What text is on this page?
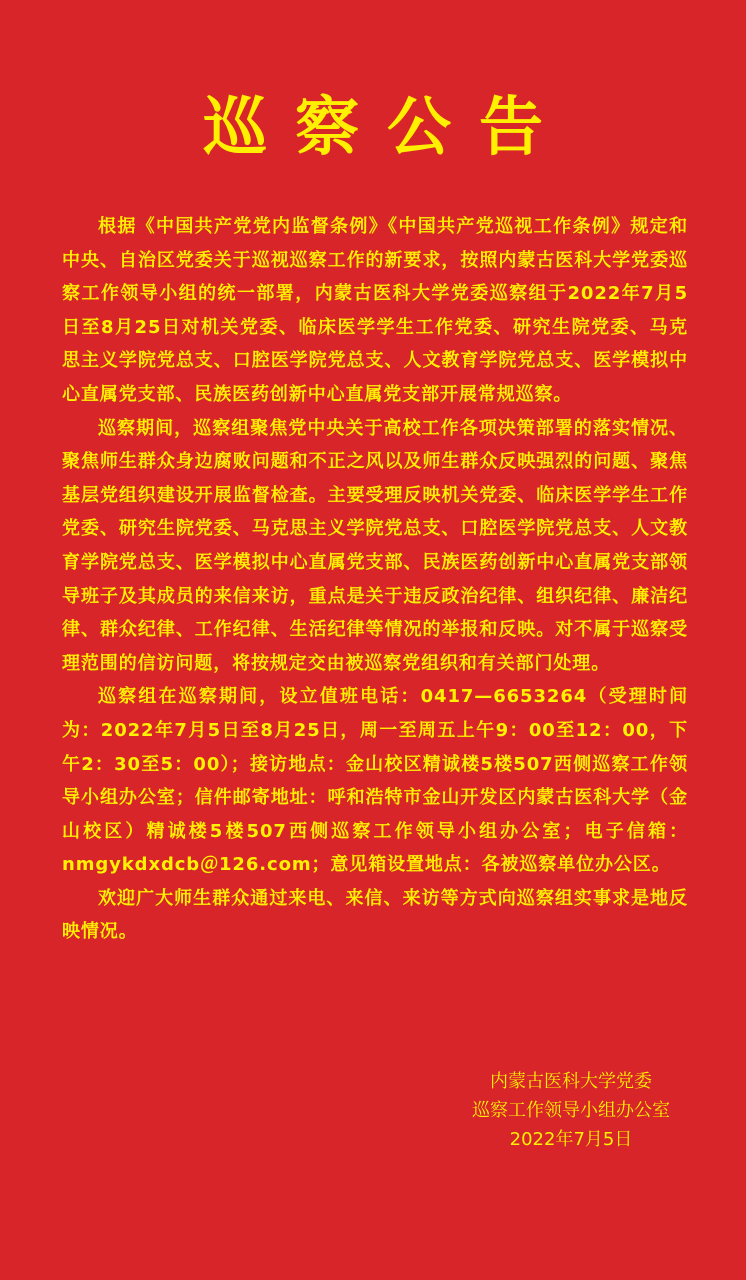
巡察公告

根据《中国共产党党内监督条例》《中国共产党巡视工作条例》规定和中央、自治区党委关于巡视巡察工作的新要求，按照内蒙古医科大学党委巡察工作领导小组的统一部署，内蒙古医科大学党委巡察组于2022年7月5日至8月25日对机关党委、临床医学学生工作党委、研究生院党委、马克思主义学院党总支、口腔医学院党总支、人文教育学院党总支、医学模拟中心直属党支部、民族医药创新中心直属党支部开展常规巡察。

巡察期间，巡察组聚焦党中央关于高校工作各项决策部署的落实情况、聚焦师生群众身边腐败问题和不正之风以及师生群众反映强烈的问题、聚焦基层党组织建设开展监督检查。主要受理反映机关党委、临床医学学生工作党委、研究生院党委、马克思主义学院党总支、口腔医学院党总支、人文教育学院党总支、医学模拟中心直属党支部、民族医药创新中心直属党支部领导班子及其成员的来信来访，重点是关于违反政治纪律、组织纪律、廉洁纪律、群众纪律、工作纪律、生活纪律等情况的举报和反映。对不属于巡察受理范围的信访问题，将按规定交由被巡察党组织和有关部门处理。

巡察组在巡察期间，设立值班电话：0417—6653264（受理时间为：2022年7月5日至8月25日，周一至周五上午9：00至12：00，下午2：30至5：00）；接访地点：金山校区精诚楼5楼507西侧巡察工作领导小组办公室；信件邮寄地址：呼和浩特市金山开发区内蒙古医科大学（金山校区）精诚楼5楼507西侧巡察工作领导小组办公室；电子信箱：nmgykdxdcb＠126.com；意见箱设置地点：各被巡察单位办公区。

欢迎广大师生群众通过来电、来信、来访等方式向巡察组实事求是地反映情况。

内蒙古医科大学党委
巡察工作领导小组办公室
2022年7月5日
